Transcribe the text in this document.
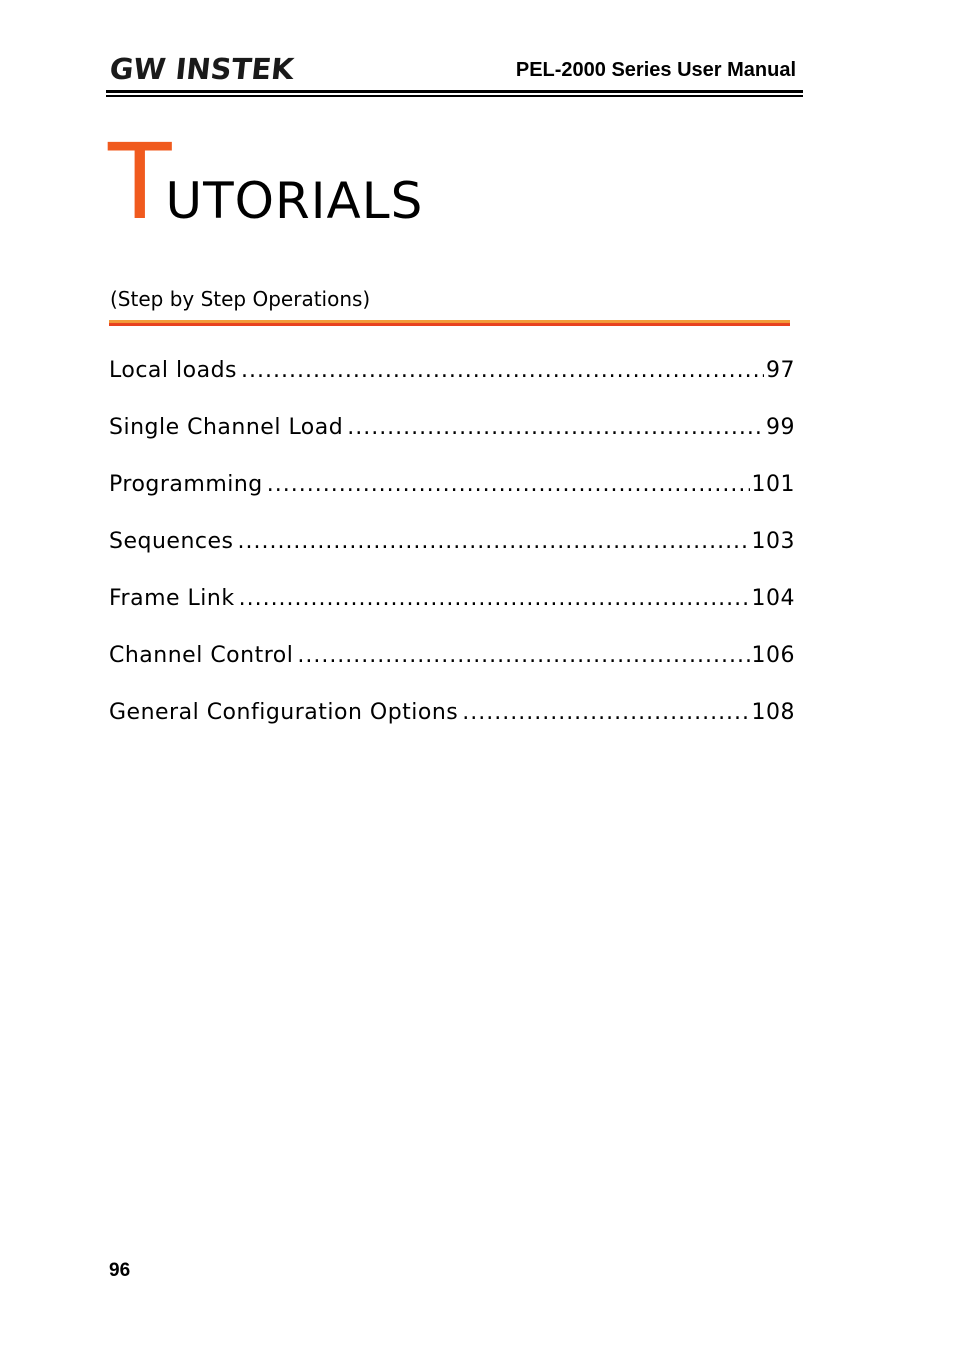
GW INSTEK	PEL-2000 Series User Manual
TUTORIALS
(Step by Step Operations)
Local loads .....	97
Single Channel Load .....	99
Programming .....	101
Sequences .....	103
Frame Link .....	104
Channel Control .....	106
General Configuration Options .....	108
96
